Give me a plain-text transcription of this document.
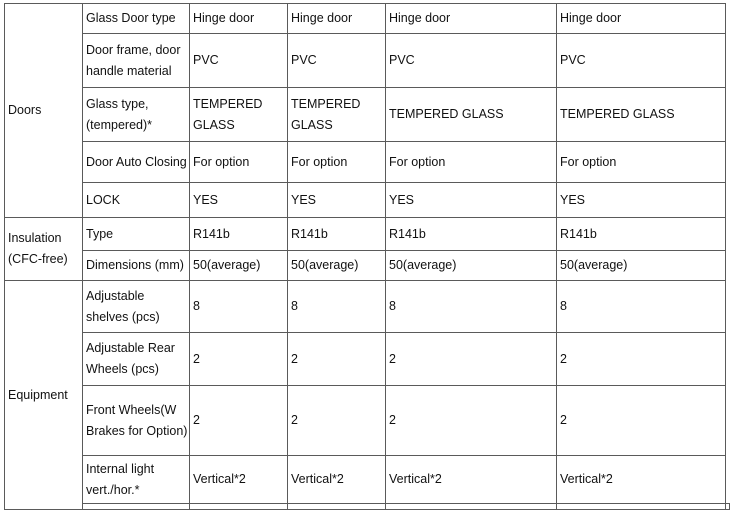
Doors	Glass Door type	Hinge door	Hinge door	Hinge door	Hinge door	

	Door frame, door handle material	PVC	PVC	PVC	PVC	

	Glass type, (tempered)*	TEMPERED GLASS	TEMPERED GLASS	TEMPERED GLASS	TEMPERED GLASS	

	Door Auto Closing	For option	For option	For option	For option	

	LOCK	YES	YES	YES	YES	

Insulation (CFC-free)	Type	R141b	R141b	R141b	R141b	

	Dimensions (mm)	50(average)	50(average)	50(average)	50(average)	

Equipment	Adjustable shelves (pcs)	8	8	8	8	

	Adjustable Rear Wheels (pcs)	2	2	2	2	

	Front Wheels(W Brakes for Option)	2	2	2	2	

	Internal light vert./hor.*	Vertical*2	Vertical*2	Vertical*2	Vertical*2	
